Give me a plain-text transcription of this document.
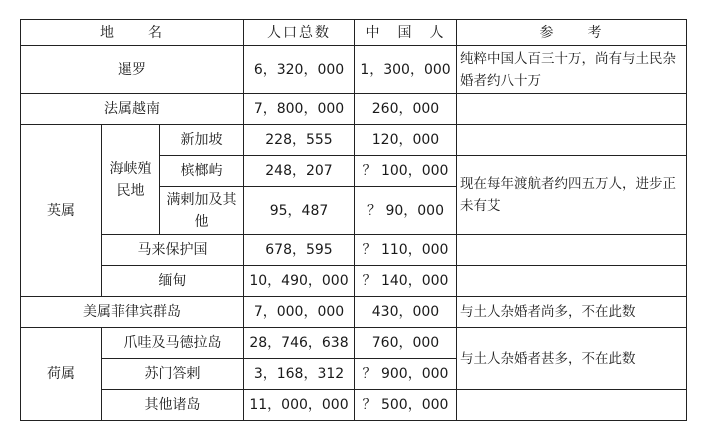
地　　名			人口总数	中　国　人	参　　考
暹罗			6，320，000	1，300，000	纯粹中国人百三十万，尚有与土民杂婚者约八十万
法属越南			7，800，000	260，000	
英属	海峡殖民地	新加坡	228，555	120，000	
		槟榔屿	248，207	？ 100，000	现在每年渡航者约四五万人，进步正未有艾
		满剌加及其他	95，487	？ 90，000	
	马来保护国		678，595	？ 110，000	
	缅甸		10，490，000	？ 140，000	
美属菲律宾群岛			7，000，000	430，000	与土人杂婚者尚多，不在此数
荷属	爪哇及马德拉岛		28，746，638	760，000	与土人杂婚者甚多，不在此数
	苏门答剌		3，168，312	？ 900，000	
	其他诸岛		11，000，000	？ 500，000	
